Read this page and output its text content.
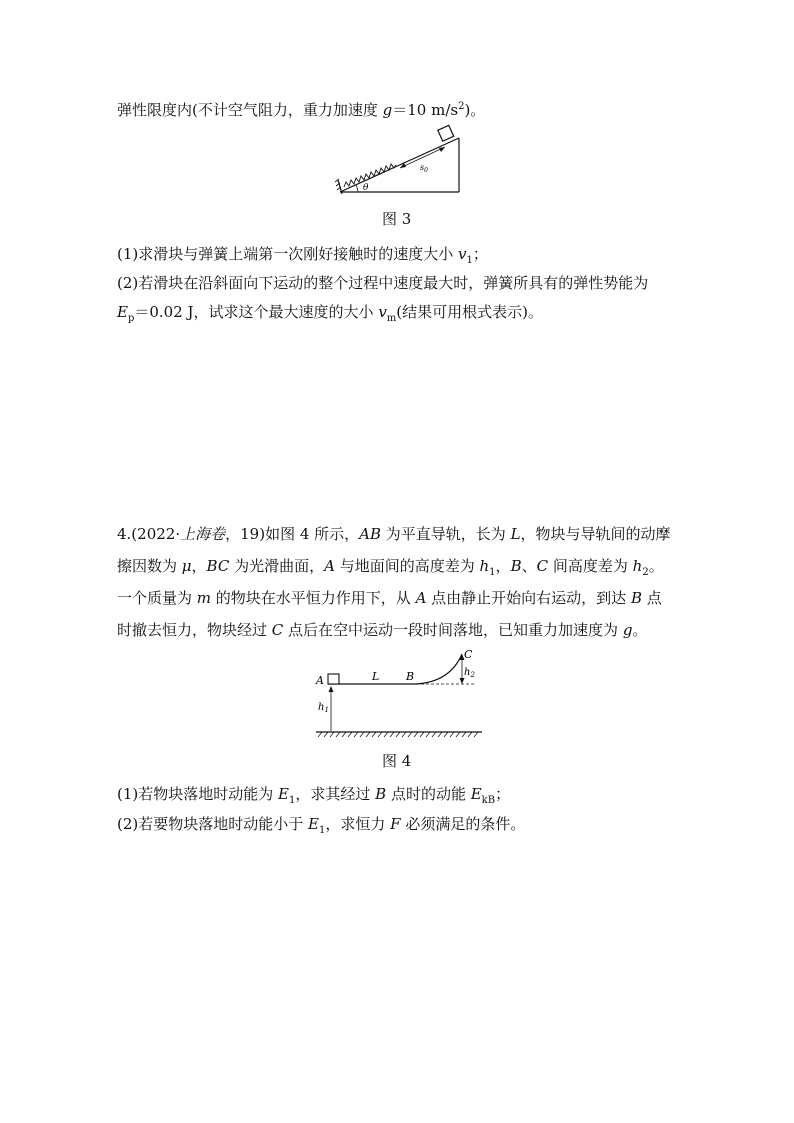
弹性限度内(不计空气阻力，重力加速度 g＝10 $m/s^2$)。
θ
$s_0$
图 3
(1)求滑块与弹簧上端第一次刚好接触时的速度大小 $v_1$；
(2)若滑块在沿斜面向下运动的整个过程中速度最大时，弹簧所具有的弹性势能为
$E_p=0.02$ J，试求这个最大速度的大小 $v_m$(结果可用根式表示)。
4.(2022·上海卷，19)如图 4 所示，AB 为平直导轨，长为 L，物块与导轨间的动摩
擦因数为 μ，BC 为光滑曲面，A 与地面间的高度差为 $h_1$，B、C 间高度差为 $h_2$。
一个质量为 m 的物块在水平恒力作用下，从 A 点由静止开始向右运动，到达 B 点
时撤去恒力，物块经过 C 点后在空中运动一段时间落地，已知重力加速度为 g。
$h_1$
$h_2$
A	L B
C
图 4
(1)若物块落地时动能为 $E_1$，求其经过 B 点时的动能 $E_{kB}$；
(2)若要物块落地时动能小于 $E_1$，求恒力 F 必须满足的条件。
